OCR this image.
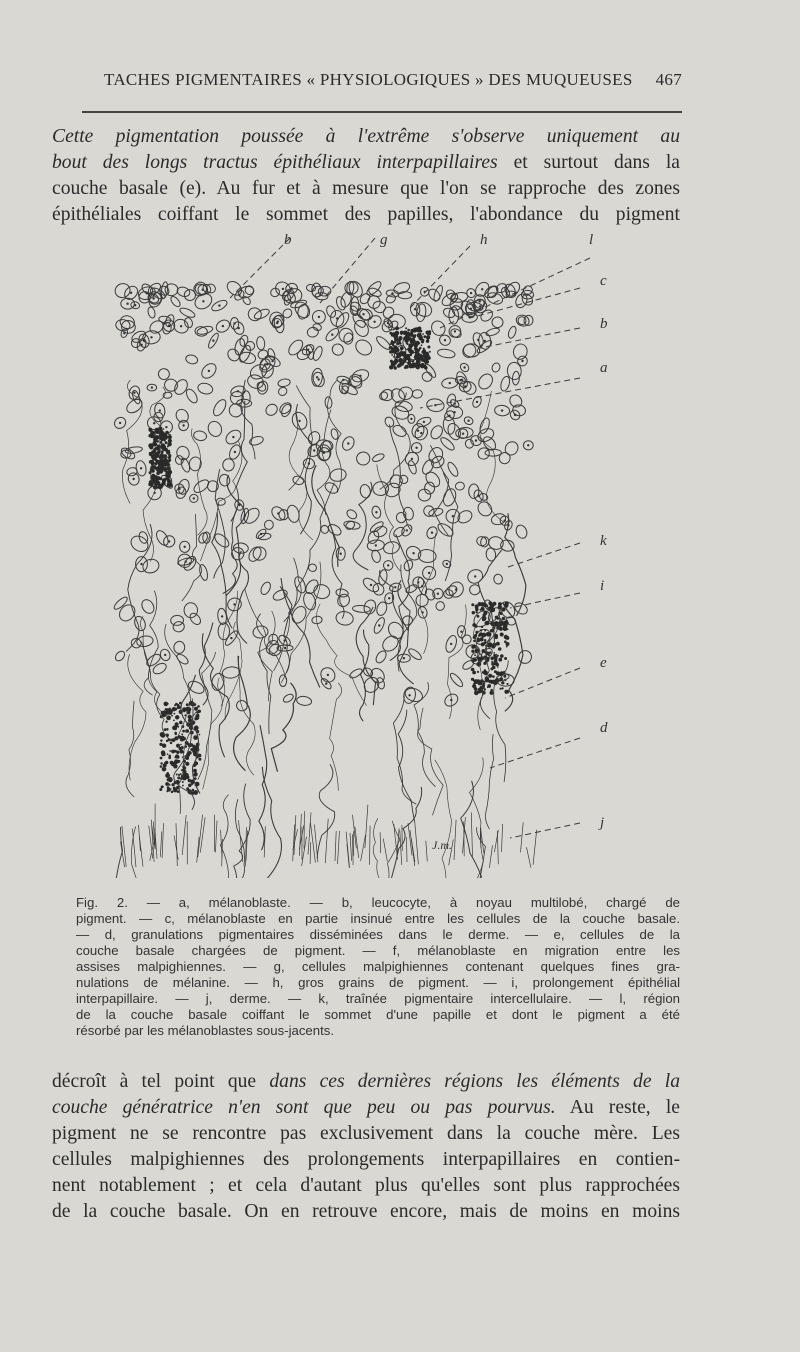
TACHES PIGMENTAIRES « PHYSIOLOGIQUES » DES MUQUEUSES 467
Cette pigmentation poussée à l'extrême s'observe uniquement au
bout des longs tractus épithéliaux interpapillaires et surtout dans la
couche basale (e). Au fur et à mesure que l'on se rapproche des zones
épithéliales coiffant le sommet des papilles, l'abondance du pigment
b	g	h	l
c
b
a
k
i
e
d
j
J.m.
Fig. 2. — a, mélanoblaste. — b, leucocyte, à noyau multilobé, chargé de
pigment. — c, mélanoblaste en partie insinué entre les cellules de la couche basale.
— d, granulations pigmentaires disséminées dans le derme. — e, cellules de la
couche basale chargées de pigment. — f, mélanoblaste en migration entre les
assises malpighiennes. — g, cellules malpighiennes contenant quelques fines gra-
nulations de mélanine. — h, gros grains de pigment. — i, prolongement épithélial
interpapillaire. — j, derme. — k, traînée pigmentaire intercellulaire. — l, région
de la couche basale coiffant le sommet d'une papille et dont le pigment a été
résorbé par les mélanoblastes sous-jacents.
décroît à tel point que dans ces dernières régions les éléments de la
couche génératrice n'en sont que peu ou pas pourvus. Au reste, le
pigment ne se rencontre pas exclusivement dans la couche mère. Les
cellules malpighiennes des prolongements interpapillaires en contien-
nent notablement ; et cela d'autant plus qu'elles sont plus rapprochées
de la couche basale. On en retrouve encore, mais de moins en moins
